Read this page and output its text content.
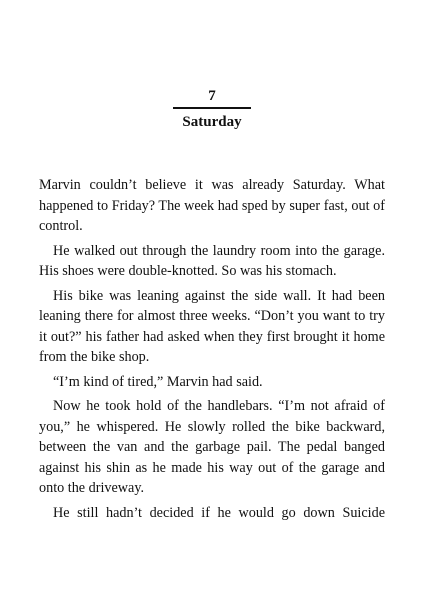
7
Saturday

Marvin couldn’t believe it was already Saturday. What happened to Friday? The week had sped by super fast, out of control.

He walked out through the laundry room into the garage. His shoes were double-knotted. So was his stomach.

His bike was leaning against the side wall. It had been leaning there for almost three weeks. “Don’t you want to try it out?” his father had asked when they first brought it home from the bike shop.

“I’m kind of tired,” Marvin had said.

Now he took hold of the handlebars. “I’m not afraid of you,” he whispered. He slowly rolled the bike backward, between the van and the garbage pail. The pedal banged against his shin as he made his way out of the garage and onto the driveway.

He still hadn’t decided if he would go down Suicide
